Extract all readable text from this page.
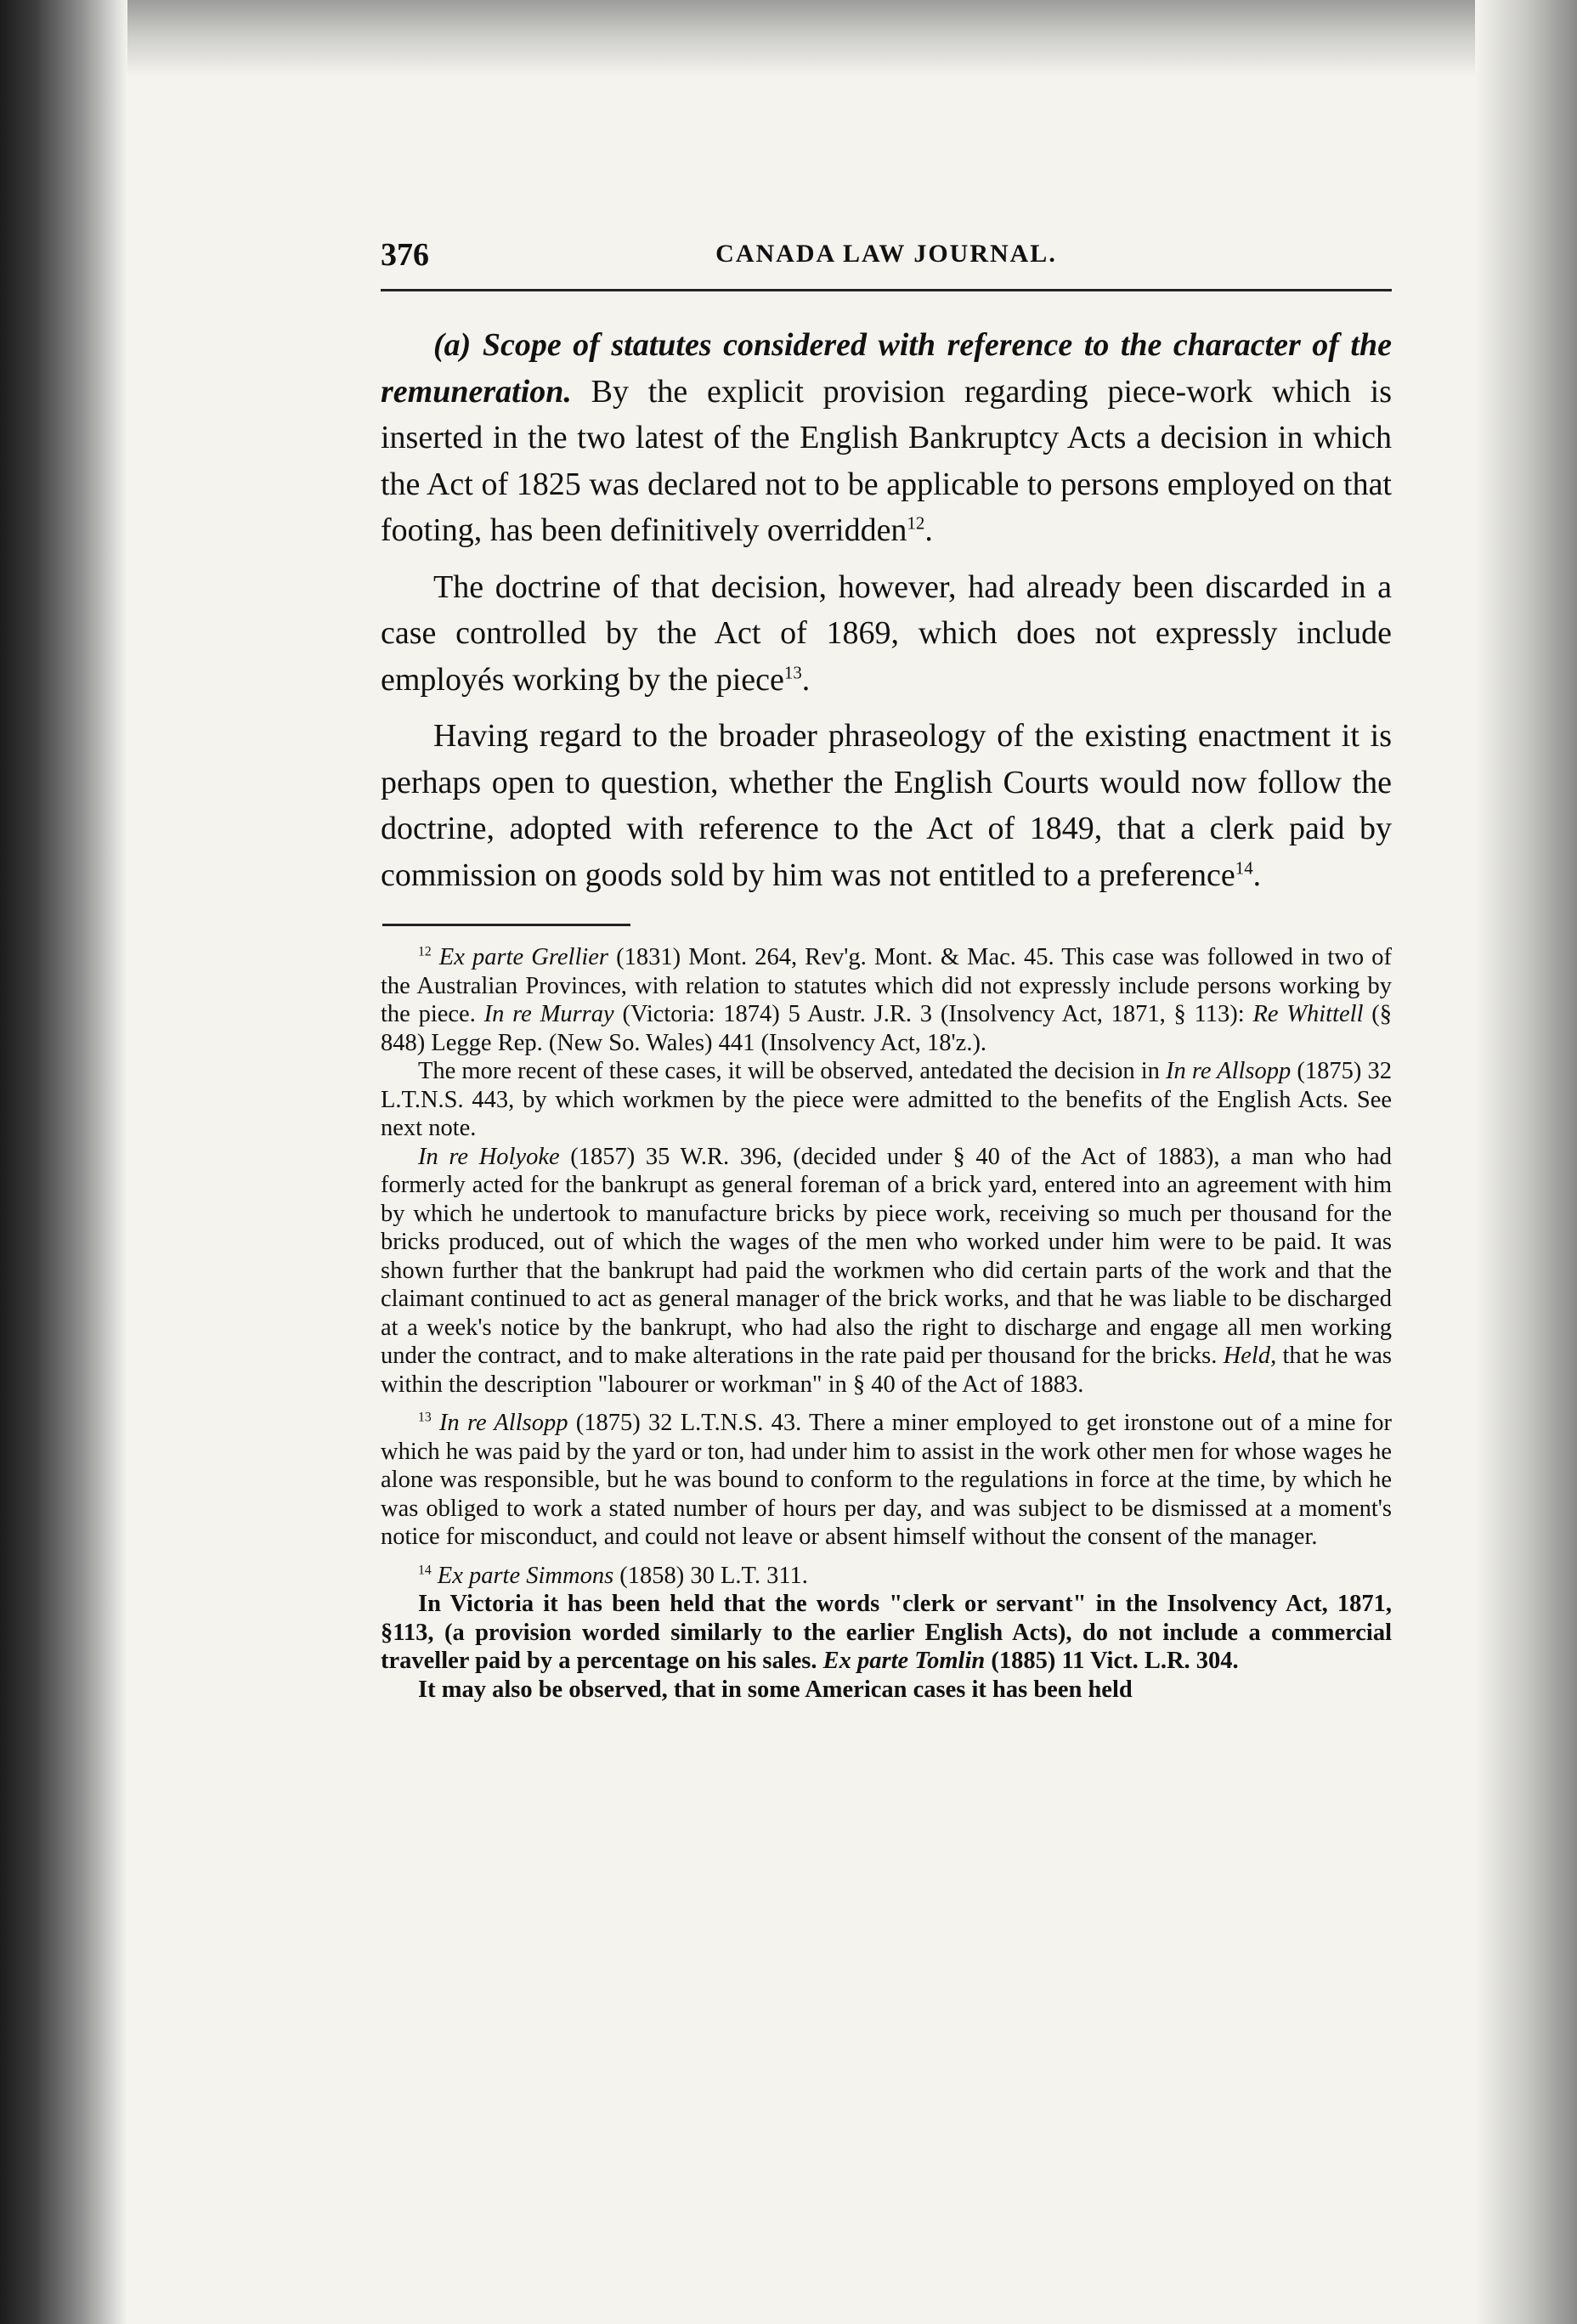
376	CANADA LAW JOURNAL.

(a) Scope of statutes considered with reference to the character of the remuneration. By the explicit provision regarding piece-work which is inserted in the two latest of the English Bankruptcy Acts a decision in which the Act of 1825 was declared not to be applicable to persons employed on that footing, has been definitively overridden$^{12}$.

The doctrine of that decision, however, had already been discarded in a case controlled by the Act of 1869, which does not expressly include employés working by the piece$^{13}$.

Having regard to the broader phraseology of the existing enactment it is perhaps open to question, whether the English Courts would now follow the doctrine, adopted with reference to the Act of 1849, that a clerk paid by commission on goods sold by him was not entitled to a preference$^{14}$.

$^{12}$ Ex parte Grellier (1831) Mont. 264, Rev'g. Mont. & Mac. 45. This case was followed in two of the Australian Provinces, with relation to statutes which did not expressly include persons working by the piece. In re Murray (Victoria: 1874) 5 Austr. J.R. 3 (Insolvency Act, 1871, § 113): Re Whittell (§ 848) Legge Rep. (New So. Wales) 441 (Insolvency Act, 18'z.).

The more recent of these cases, it will be observed, antedated the decision in In re Allsopp (1875) 32 L.T.N.S. 443, by which workmen by the piece were admitted to the benefits of the English Acts. See next note.

In re Holyoke (1857) 35 W.R. 396, (decided under § 40 of the Act of 1883), a man who had formerly acted for the bankrupt as general foreman of a brick yard, entered into an agreement with him by which he undertook to manufacture bricks by piece work, receiving so much per thousand for the bricks produced, out of which the wages of the men who worked under him were to be paid. It was shown further that the bankrupt had paid the workmen who did certain parts of the work and that the claimant continued to act as general manager of the brick works, and that he was liable to be discharged at a week's notice by the bankrupt, who had also the right to discharge and engage all men working under the contract, and to make alterations in the rate paid per thousand for the bricks. Held, that he was within the description "labourer or workman" in § 40 of the Act of 1883.

$^{13}$ In re Allsopp (1875) 32 L.T.N.S. 43. There a miner employed to get ironstone out of a mine for which he was paid by the yard or ton, had under him to assist in the work other men for whose wages he alone was responsible, but he was bound to conform to the regulations in force at the time, by which he was obliged to work a stated number of hours per day, and was subject to be dismissed at a moment's notice for misconduct, and could not leave or absent himself without the consent of the manager.

$^{14}$ Ex parte Simmons (1858) 30 L.T. 311.

In Victoria it has been held that the words "clerk or servant" in the Insolvency Act, 1871, §113, (a provision worded similarly to the earlier English Acts), do not include a commercial traveller paid by a percentage on his sales. Ex parte Tomlin (1885) 11 Vict. L.R. 304.

It may also be observed, that in some American cases it has been held
